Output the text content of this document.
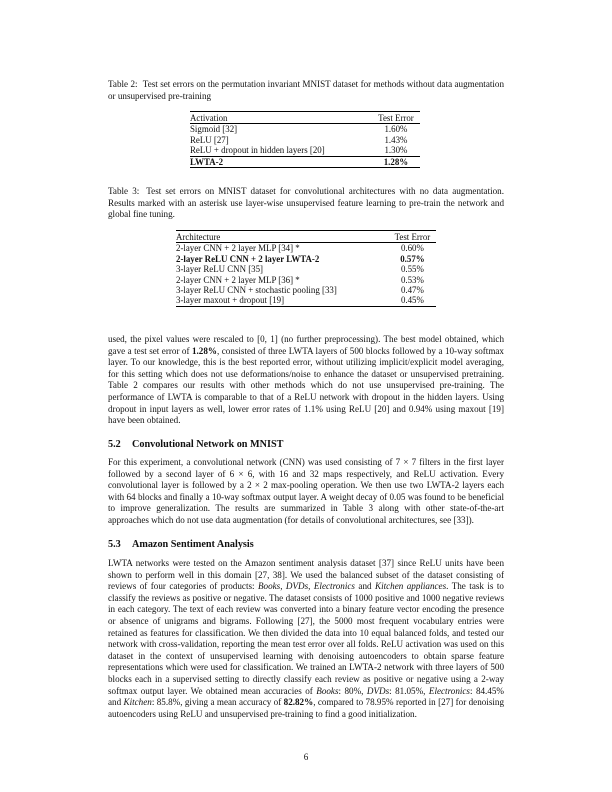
Table 2: Test set errors on the permutation invariant MNIST dataset for methods without data augmentation or unsupervised pre-training

Activation	Test Error
Sigmoid [32]	1.60%
ReLU [27]	1.43%
ReLU + dropout in hidden layers [20]	1.30%
LWTA-2	1.28%

Table 3: Test set errors on MNIST dataset for convolutional architectures with no data augmentation. Results marked with an asterisk use layer-wise unsupervised feature learning to pre-train the network and global fine tuning.

Architecture	Test Error
2-layer CNN + 2 layer MLP [34] *	0.60%
2-layer ReLU CNN + 2 layer LWTA-2	0.57%
3-layer ReLU CNN [35]	0.55%
2-layer CNN + 2 layer MLP [36] *	0.53%
3-layer ReLU CNN + stochastic pooling [33]	0.47%
3-layer maxout + dropout [19]	0.45%

used, the pixel values were rescaled to [0, 1] (no further preprocessing). The best model obtained, which gave a test set error of 1.28%, consisted of three LWTA layers of 500 blocks followed by a 10-way softmax layer. To our knowledge, this is the best reported error, without utilizing implicit/explicit model averaging, for this setting which does not use deformations/noise to enhance the dataset or unsupervised pretraining. Table 2 compares our results with other methods which do not use unsupervised pre-training. The performance of LWTA is comparable to that of a ReLU network with dropout in the hidden layers. Using dropout in input layers as well, lower error rates of 1.1% using ReLU [20] and 0.94% using maxout [19] have been obtained.

5.2 Convolutional Network on MNIST

For this experiment, a convolutional network (CNN) was used consisting of 7 × 7 filters in the first layer followed by a second layer of 6 × 6, with 16 and 32 maps respectively, and ReLU activation. Every convolutional layer is followed by a 2 × 2 max-pooling operation. We then use two LWTA-2 layers each with 64 blocks and finally a 10-way softmax output layer. A weight decay of 0.05 was found to be beneficial to improve generalization. The results are summarized in Table 3 along with other state-of-the-art approaches which do not use data augmentation (for details of convolutional architectures, see [33]).

5.3 Amazon Sentiment Analysis

LWTA networks were tested on the Amazon sentiment analysis dataset [37] since ReLU units have been shown to perform well in this domain [27, 38]. We used the balanced subset of the dataset consisting of reviews of four categories of products: Books, DVDs, Electronics and Kitchen appliances. The task is to classify the reviews as positive or negative. The dataset consists of 1000 positive and 1000 negative reviews in each category. The text of each review was converted into a binary feature vector encoding the presence or absence of unigrams and bigrams. Following [27], the 5000 most frequent vocabulary entries were retained as features for classification. We then divided the data into 10 equal balanced folds, and tested our network with cross-validation, reporting the mean test error over all folds. ReLU activation was used on this dataset in the context of unsupervised learning with denoising autoencoders to obtain sparse feature representations which were used for classification. We trained an LWTA-2 network with three layers of 500 blocks each in a supervised setting to directly classify each review as positive or negative using a 2-way softmax output layer. We obtained mean accuracies of Books: 80%, DVDs: 81.05%, Electronics: 84.45% and Kitchen: 85.8%, giving a mean accuracy of 82.82%, compared to 78.95% reported in [27] for denoising autoencoders using ReLU and unsupervised pre-training to find a good initialization.

6
